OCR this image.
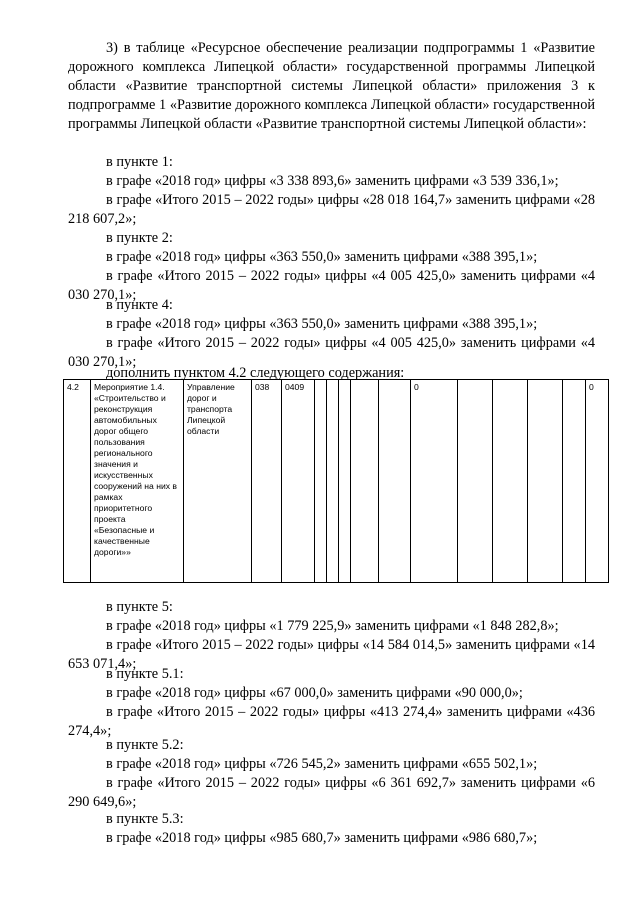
3) в таблице «Ресурсное обеспечение реализации подпрограммы 1 «Развитие дорожного комплекса Липецкой области» государственной программы Липецкой области «Развитие транспортной системы Липецкой области» приложения 3 к подпрограмме 1 «Развитие дорожного комплекса Липецкой области» государственной программы Липецкой области «Развитие транспортной системы Липецкой области»:

в пункте 1:

в графе «2018 год» цифры «3 338 893,6» заменить цифрами «3 539 336,1»;

в графе «Итого 2015 – 2022 годы» цифры «28 018 164,7» заменить цифрами «28 218 607,2»;

в пункте 2:

в графе «2018 год» цифры «363 550,0» заменить цифрами «388 395,1»;

в графе «Итого 2015 – 2022 годы» цифры «4 005 425,0» заменить цифрами «4 030 270,1»;

в пункте 4:

в графе «2018 год» цифры «363 550,0» заменить цифрами «388 395,1»;

в графе «Итого 2015 – 2022 годы» цифры «4 005 425,0» заменить цифрами «4 030 270,1»;

дополнить пунктом 4.2 следующего содержания:

4.2	Мероприятие 1.4. «Строительство и реконструкция автомобильных дорог общего пользования регионального значения и искусственных сооружений на них в рамках приоритетного проекта «Безопасные и качественные дороги»»	Управление дорог и транспорта Липецкой области	038	0409						0					0

в пункте 5:

в графе «2018 год» цифры «1 779 225,9» заменить цифрами «1 848 282,8»;

в графе «Итого 2015 – 2022 годы» цифры «14 584 014,5» заменить цифрами «14 653 071,4»;

в пункте 5.1:

в графе «2018 год» цифры «67 000,0» заменить цифрами «90 000,0»;

в графе «Итого 2015 – 2022 годы» цифры «413 274,4» заменить цифрами «436 274,4»;

в пункте 5.2:

в графе «2018 год» цифры «726 545,2» заменить цифрами «655 502,1»;

в графе «Итого 2015 – 2022 годы» цифры «6 361 692,7» заменить цифрами «6 290 649,6»;

в пункте 5.3:

в графе «2018 год» цифры «985 680,7» заменить цифрами «986 680,7»;
